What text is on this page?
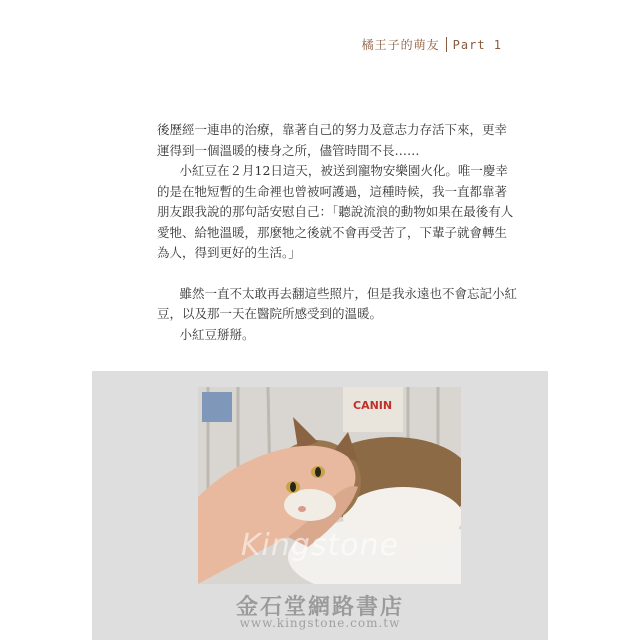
橘王子的萌友 Part 1

後歷經一連串的治療，靠著自己的努力及意志力存活下來，更幸運得到一個溫暖的棲身之所，儘管時間不長……

小紅豆在２月12日這天，被送到寵物安樂園火化。唯一慶幸的是在牠短暫的生命裡也曾被呵護過，這種時候，我一直都靠著朋友跟我說的那句話安慰自己：「聽說流浪的動物如果在最後有人愛牠、給牠溫暖，那麼牠之後就不會再受苦了，下輩子就會轉生為人，得到更好的生活。」

雖然一直不太敢再去翻這些照片，但是我永遠也不會忘記小紅豆，以及那一天在醫院所感受到的溫暖。

小紅豆掰掰。

CANIN
Kingstone
金石堂網路書店
www.kingstone.com.tw
